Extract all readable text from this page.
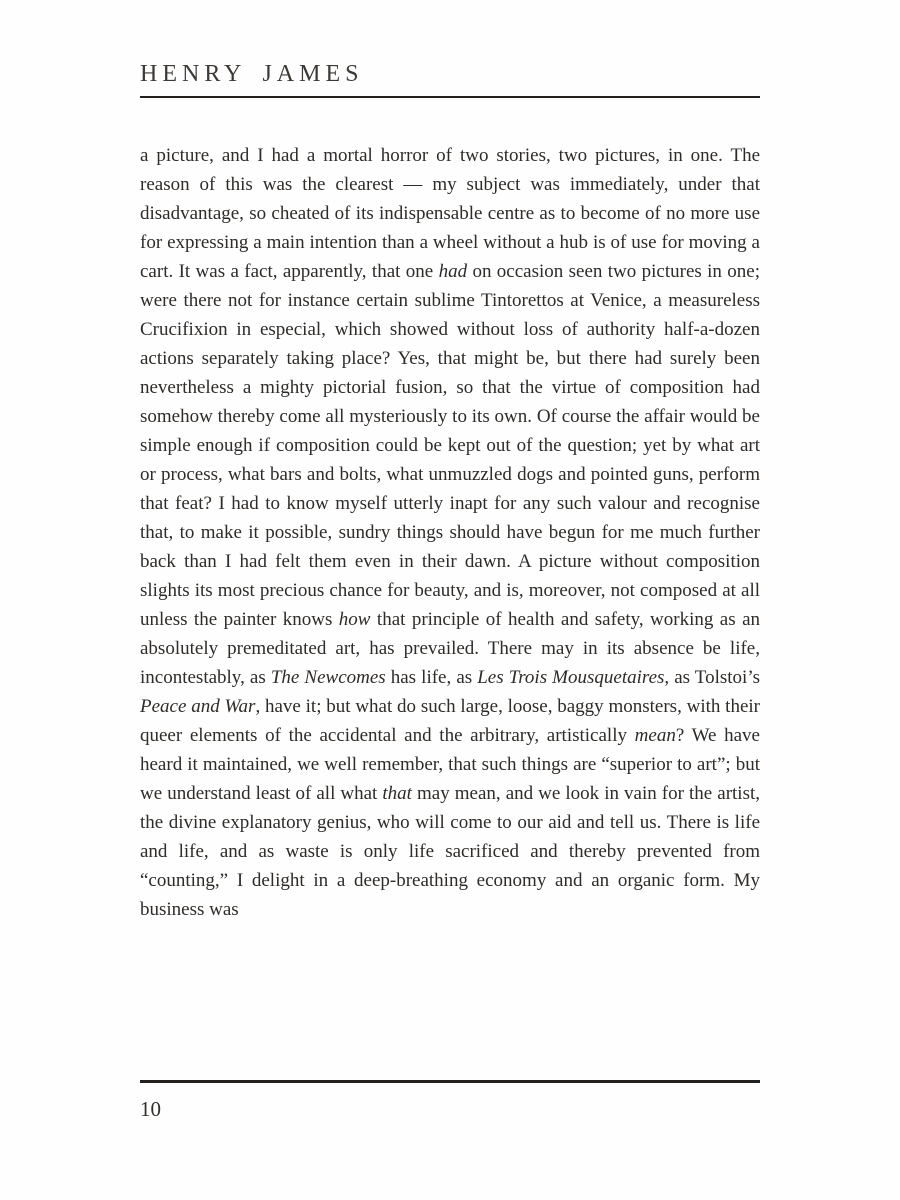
HENRY JAMES

a picture, and I had a mortal horror of two stories, two pictures, in one. The reason of this was the clearest — my subject was immediately, under that disadvantage, so cheated of its indispensable centre as to become of no more use for expressing a main intention than a wheel without a hub is of use for moving a cart. It was a fact, apparently, that one had on occasion seen two pictures in one; were there not for instance certain sublime Tintorettos at Venice, a measureless Crucifixion in especial, which showed without loss of authority half-a-dozen actions separately taking place? Yes, that might be, but there had surely been nevertheless a mighty pictorial fusion, so that the virtue of composition had somehow thereby come all mysteriously to its own. Of course the affair would be simple enough if composition could be kept out of the question; yet by what art or process, what bars and bolts, what unmuzzled dogs and pointed guns, perform that feat? I had to know myself utterly inapt for any such valour and recognise that, to make it possible, sundry things should have begun for me much further back than I had felt them even in their dawn. A picture without composition slights its most precious chance for beauty, and is, moreover, not composed at all unless the painter knows how that principle of health and safety, working as an absolutely premeditated art, has prevailed. There may in its absence be life, incontestably, as The Newcomes has life, as Les Trois Mousquetaires, as Tolstoi’s Peace and War, have it; but what do such large, loose, baggy monsters, with their queer elements of the accidental and the arbitrary, artistically mean? We have heard it maintained, we well remember, that such things are “superior to art”; but we understand least of all what that may mean, and we look in vain for the artist, the divine explanatory genius, who will come to our aid and tell us. There is life and life, and as waste is only life sacrificed and thereby prevented from “counting,” I delight in a deep-breathing economy and an organic form. My business was

10
